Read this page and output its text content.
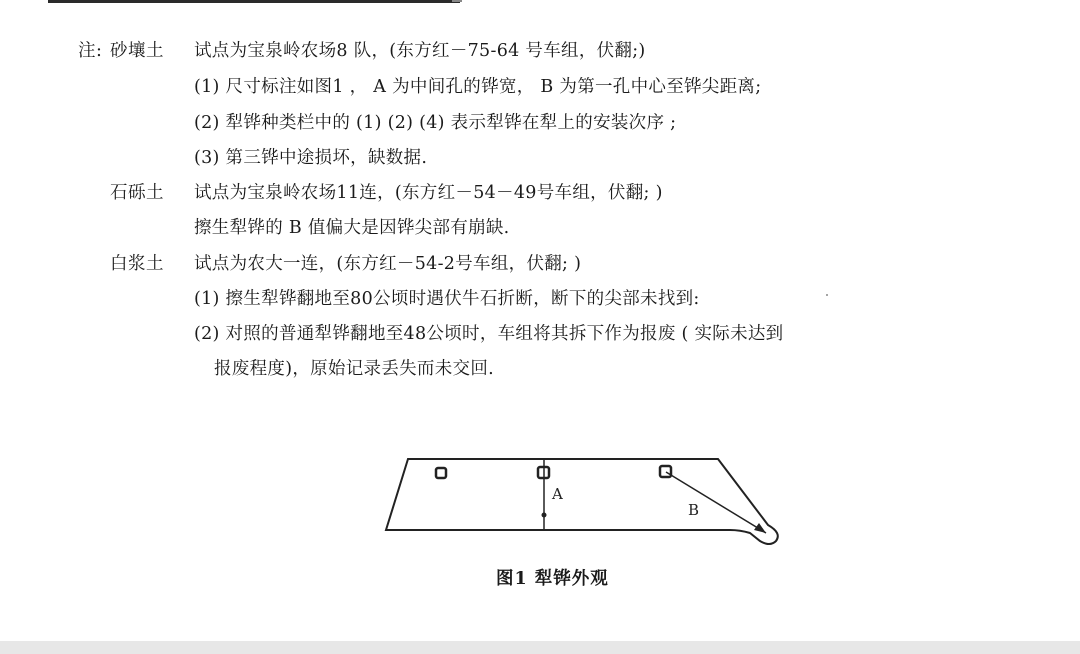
注: 砂壤土 试点为宝泉岭农场8 队，(东方红－75-64 号车组，伏翻;)
(1) 尺寸标注如图1 ， A 为中间孔的铧宽， B 为第一孔中心至铧尖距离;
(2) 犁铧种类栏中的 (1) (2) (4) 表示犁铧在犁上的安装次序 ;
(3) 第三铧中途损坏，缺数据.
石砾土 试点为宝泉岭农场11连，(东方红－54－49号车组，伏翻; )
擦生犁铧的 B 值偏大是因铧尖部有崩缺.
白浆土 试点为农大一连，(东方红－54-2号车组，伏翻; )
(1) 擦生犁铧翻地至80公顷时遇伏牛石折断，断下的尖部未找到:
(2) 对照的普通犁铧翻地至48公顷时，车组将其拆下作为报废 ( 实际未达到
报废程度)，原始记录丢失而未交回.
A
B
图1 犁铧外观
